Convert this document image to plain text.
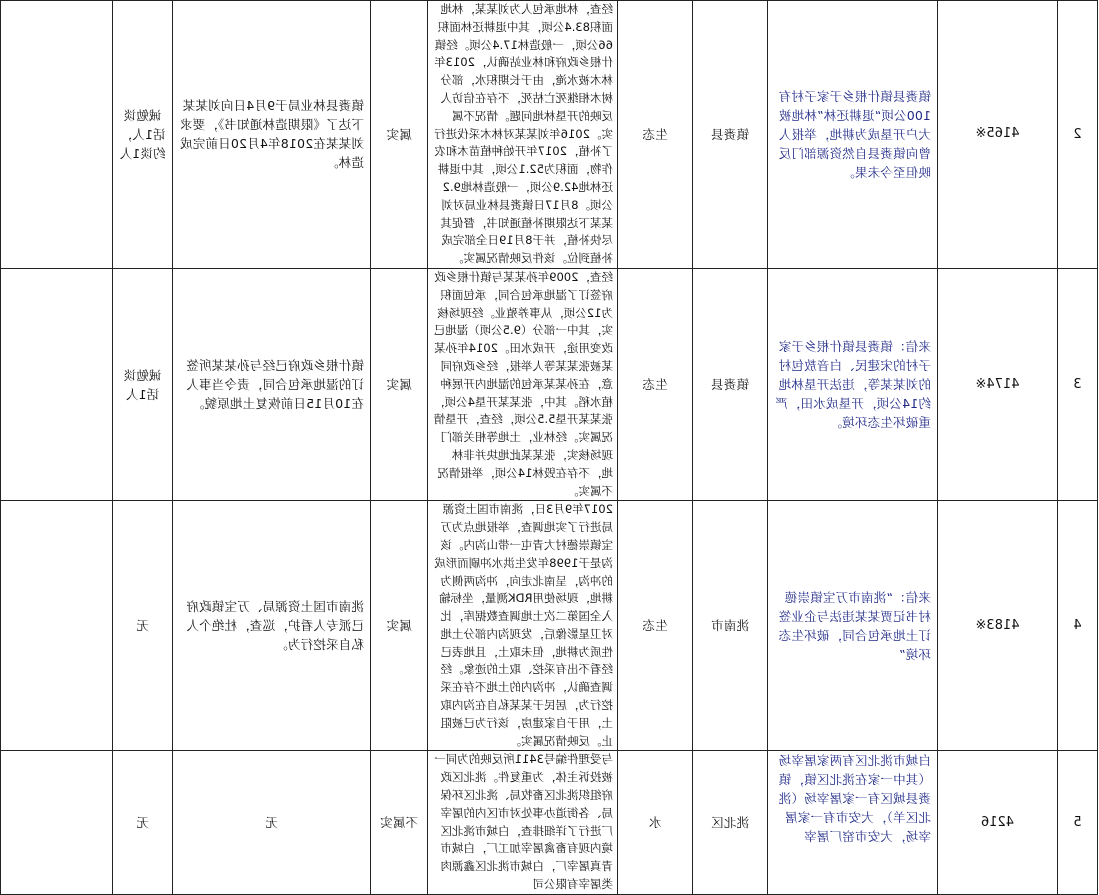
2	4165※	镇赉县镇什根乡于家子村有100公顷“退耕还林”林地被大户开垦成为耕地，举报人曾向镇赉县自然资源部门反映但至今未果。	镇赉县	生态	经查，林地承包人为刘某某，林地面积83.4公顷，其中退耕还林面积66公顷，一般造林17.4公顷。经镇什根乡政府和林业站确认，2013年林木被水淹，由于长期积水，部分树木相继死亡枯死，不存在信访人反映的开垦林地问题。情况不属实。2016年刘某某对林木采伐进行了补植，2017年开始种植苗木和农作物，面积为52.1公顷，其中退耕还林地42.9公顷，一般造林地9.2公顷。8月17日镇赉县林业局对刘某某下达限期补植通知书，督促其尽快补植，并于8月19日全部完成补植到位。该件反映情况属实。	属实	镇赉县林业局于9月4日向刘某某下达了《限期造林通知书》，要求刘某某在2018年4月20日前完成造林。	诫勉谈话1人，约谈1人	
3	4174※	来信：镇赉县镇什根乡于家子村的宋建民、白音敖包村的刘某某等，违法开垦林地约14公顷，开垦成水田，严重破坏生态环境。	镇赉县	生态	经查，2009年孙某某与镇什根乡政府签订了湿地承包合同，承包面积为12公顷，从事养殖业。经现场核实，其中一部分（9.5公顷）湿地已改变用途，开成水田。2014年孙某某被张某某等人举报，经乡政府同意，在孙某某承包的湿地内开展种植水稻。其中，张某某开垦4公顷，张某某开垦5.5公顷，经查，开垦情况属实。经林业，土地等相关部门现场核实，张某某此地块并非林地，不存在毁林14公顷，举报情况不属实。	属实	镇什根乡政府已经与孙某某所签订的湿地承包合同，责令当事人在10月15日前恢复土地原貌。	诫勉谈话1人	
4	4183※	来信：“洮南市万宝镇崇德村书记贾某某违法与企业签订土地承包合同，破坏生态环境”	洮南市	生态	2017年9月3日，洮南市国土资源局进行了实地调查，举报地点为万宝镇崇德村大青屯一带山沟内。该沟是于1998年发生洪水冲刷而形成的冲沟，呈南北走向，冲沟两侧为耕地，现场使用RDK测量，坐标输入全国第二次土地调查数据库，比对卫星影像后，发现沟内部分土地性质为耕地，但未取土，且地表已经看不出有采挖、取土的迹象。经调查确认，冲沟内的土地不存在采挖行为，居民于某某私自在沟内取土，用于自家建房，该行为已被阻止。反映情况属实。	属实	洮南市国土资源局、万宝镇政府已派专人看护，巡查，杜绝个人私自采挖行为。	无	
5	4216	白城市洮北区有两家屠宰场（其中一家在洮北区镇，镇赉县城区有一家屠宰场（洮北区羊），大安市有一家屠宰场，大安市窑厂屠宰	洮北区	水	与受理件编号3411所反映的为同一被投诉主体，为重复件。洮北区政府组织洮北区畜牧局、洮北区环保局、各街道办事处对市区内的屠宰厂进行了详细排查，白城市洮北区境内现有畜禽屠宰加工厂，白城市青真屠宰厂，白城市洮北区鑫源肉类屠宰有限公司	不属实	无	无	
